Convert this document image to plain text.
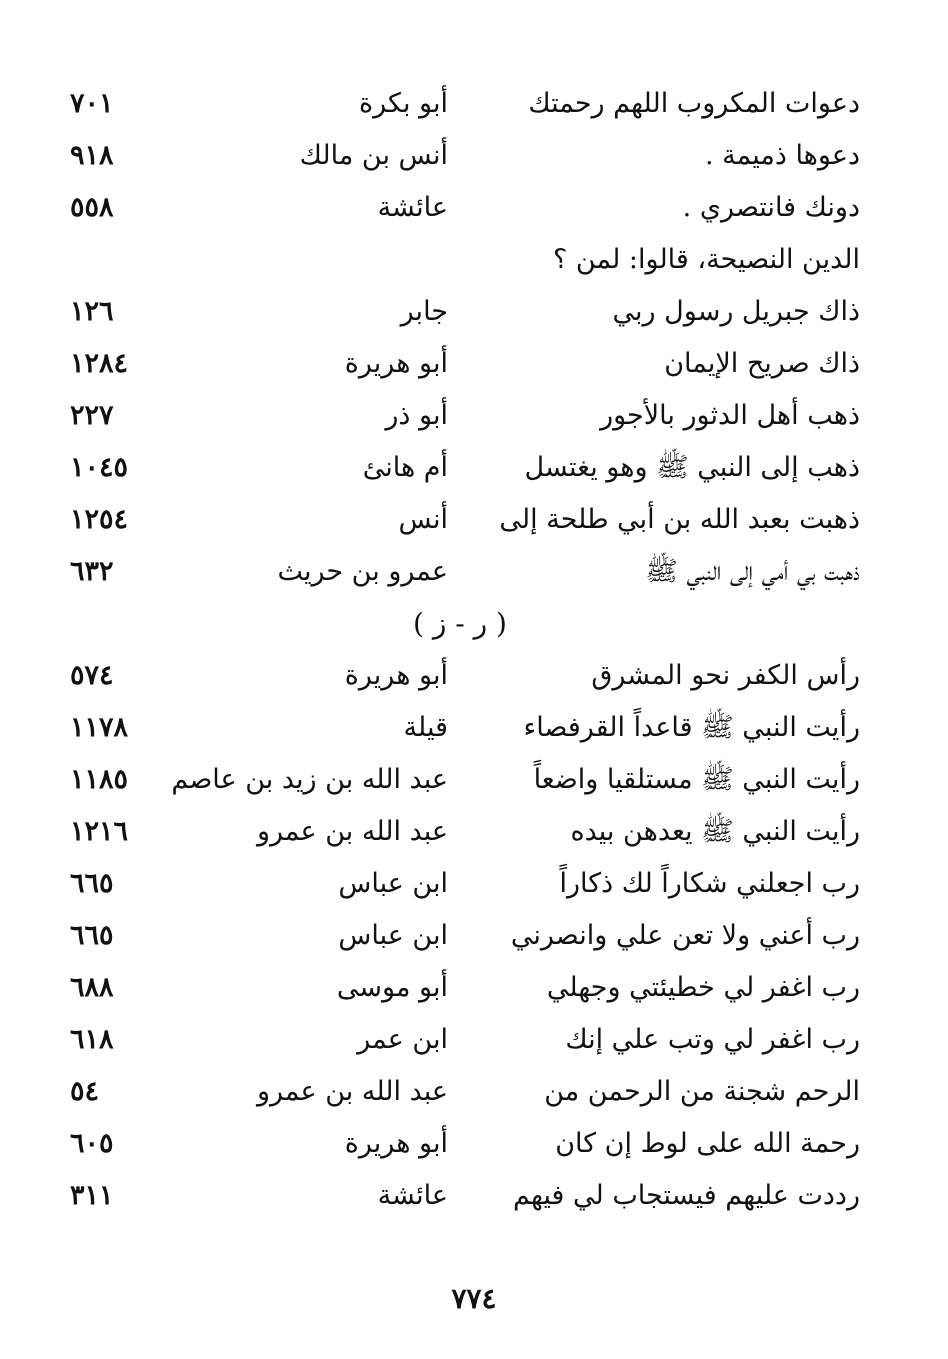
دعوات المكروب اللهم رحمتك
أبو بكرة
٧٠١
دعوها ذميمة .
أنس بن مالك
٩١٨
دونك فانتصري .
عائشة
٥٥٨
الدين النصيحة، قالوا: لمن ؟
ذاك جبريل رسول ربي
جابر
١٢٦
ذاك صريح الإيمان
أبو هريرة
١٢٨٤
ذهب أهل الدثور بالأجور
أبو ذر
٢٢٧
ذهب إلى النبي ﷺ وهو يغتسل
أم هانئ
١٠٤٥
ذهبت بعبد الله بن أبي طلحة إلى
أنس
١٢٥٤
ذهبت بي أمي إلى النبي ﷺ
عمرو بن حريث
٦٣٢
( ر - ز )
رأس الكفر نحو المشرق
أبو هريرة
٥٧٤
رأيت النبي ﷺ قاعداً القرفصاء
قيلة
١١٧٨
رأيت النبي ﷺ مستلقيا واضعاً
عبد الله بن زيد بن عاصم
١١٨٥
رأيت النبي ﷺ يعدهن بيده
عبد الله بن عمرو
١٢١٦
رب اجعلني شكاراً لك ذكاراً
ابن عباس
٦٦٥
رب أعني ولا تعن علي وانصرني
ابن عباس
٦٦٥
رب اغفر لي خطيئتي وجهلي
أبو موسى
٦٨٨
رب اغفر لي وتب علي إنك
ابن عمر
٦١٨
الرحم شجنة من الرحمن من
عبد الله بن عمرو
٥٤
رحمة الله على لوط إن كان
أبو هريرة
٦٠٥
رددت عليهم فيستجاب لي فيهم
عائشة
٣١١
٧٧٤
